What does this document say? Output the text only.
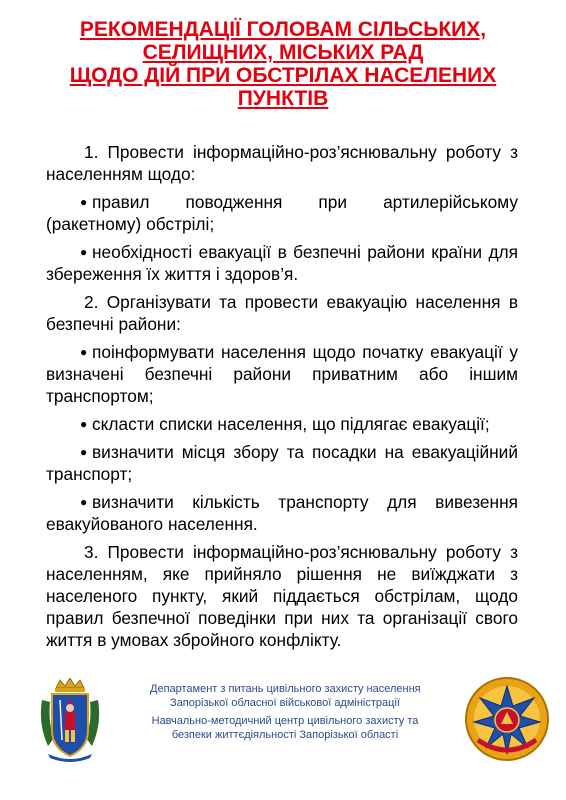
РЕКОМЕНДАЦІЇ ГОЛОВАМ СІЛЬСЬКИХ,
СЕЛИЩНИХ, МІСЬКИХ РАД
ЩОДО ДІЙ ПРИ ОБСТРІЛАХ НАСЕЛЕНИХ
ПУНКТІВ

1. Провести інформаційно-роз’яснювальну роботу з населенням щодо:

● правил поводження при артилерійському (ракетному) обстрілі;

● необхідності евакуації в безпечні райони країни для збереження їх життя і здоров’я.

2. Організувати та провести евакуацію населення в безпечні райони:

● поінформувати населення щодо початку евакуації у визначені безпечні райони приватним або іншим транспортом;

● скласти списки населення, що підлягає евакуації;

● визначити місця збору та посадки на евакуаційний транспорт;

● визначити кількість транспорту для вивезення евакуйованого населення.

3. Провести інформаційно-роз’яснювальну роботу з населенням, яке прийняло рішення не виїжджати з населеного пункту, який піддається обстрілам, щодо правил безпечної поведінки при них та організації свого життя в умовах збройного конфлікту.

Департамент з питань цивільного захисту населення
Запорізької обласної військової адміністрації
Навчально-методичний центр цивільного захисту та
безпеки життєдіяльності Запорізької області
